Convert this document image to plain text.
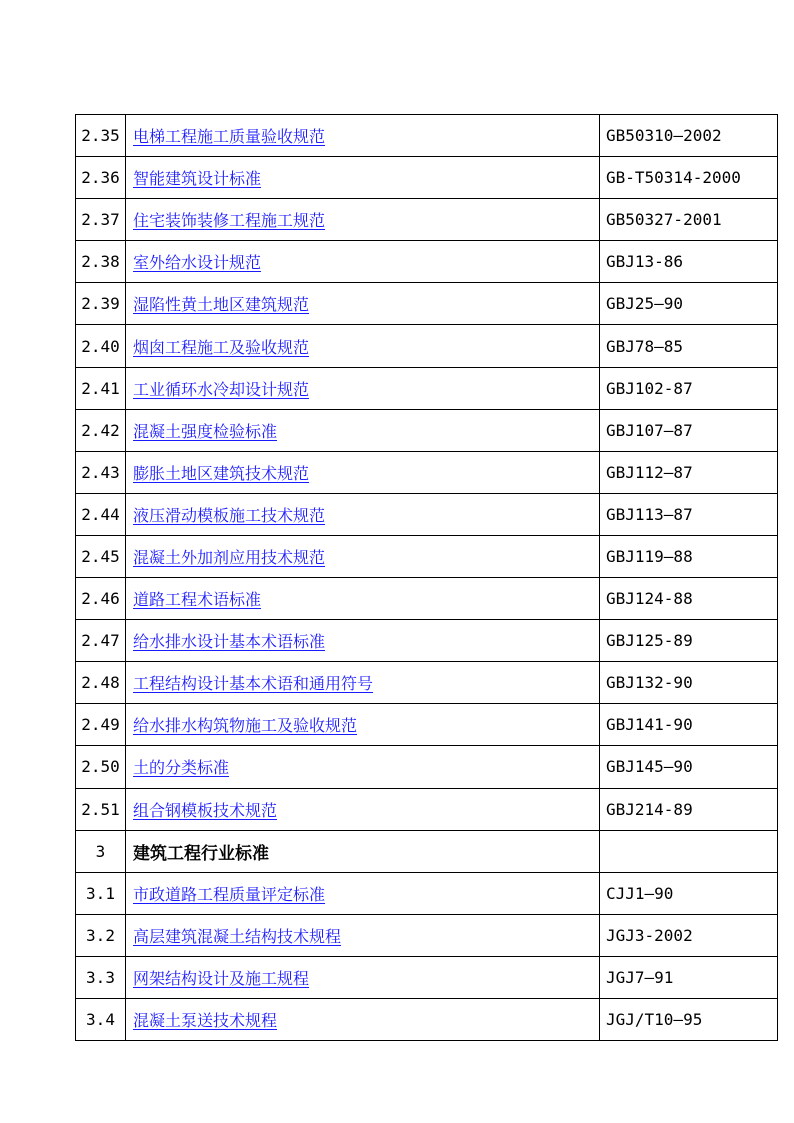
2.35	电梯工程施工质量验收规范	GB50310—2002
2.36	智能建筑设计标准	GB-T50314-2000
2.37	住宅装饰装修工程施工规范	GB50327-2001
2.38	室外给水设计规范	GBJ13-86
2.39	湿陷性黄土地区建筑规范	GBJ25—90
2.40	烟囱工程施工及验收规范	GBJ78—85
2.41	工业循环水冷却设计规范	GBJ102-87
2.42	混凝土强度检验标准	GBJ107—87
2.43	膨胀土地区建筑技术规范	GBJ112—87
2.44	液压滑动模板施工技术规范	GBJ113—87
2.45	混凝土外加剂应用技术规范	GBJ119—88
2.46	道路工程术语标准	GBJ124-88
2.47	给水排水设计基本术语标准	GBJ125-89
2.48	工程结构设计基本术语和通用符号	GBJ132-90
2.49	给水排水构筑物施工及验收规范	GBJ141-90
2.50	土的分类标准	GBJ145—90
2.51	组合钢模板技术规范	GBJ214-89
3	建筑工程行业标准	
3.1	市政道路工程质量评定标准	CJJ1—90
3.2	高层建筑混凝土结构技术规程	JGJ3-2002
3.3	网架结构设计及施工规程	JGJ7—91
3.4	混凝土泵送技术规程	JGJ/T10—95
